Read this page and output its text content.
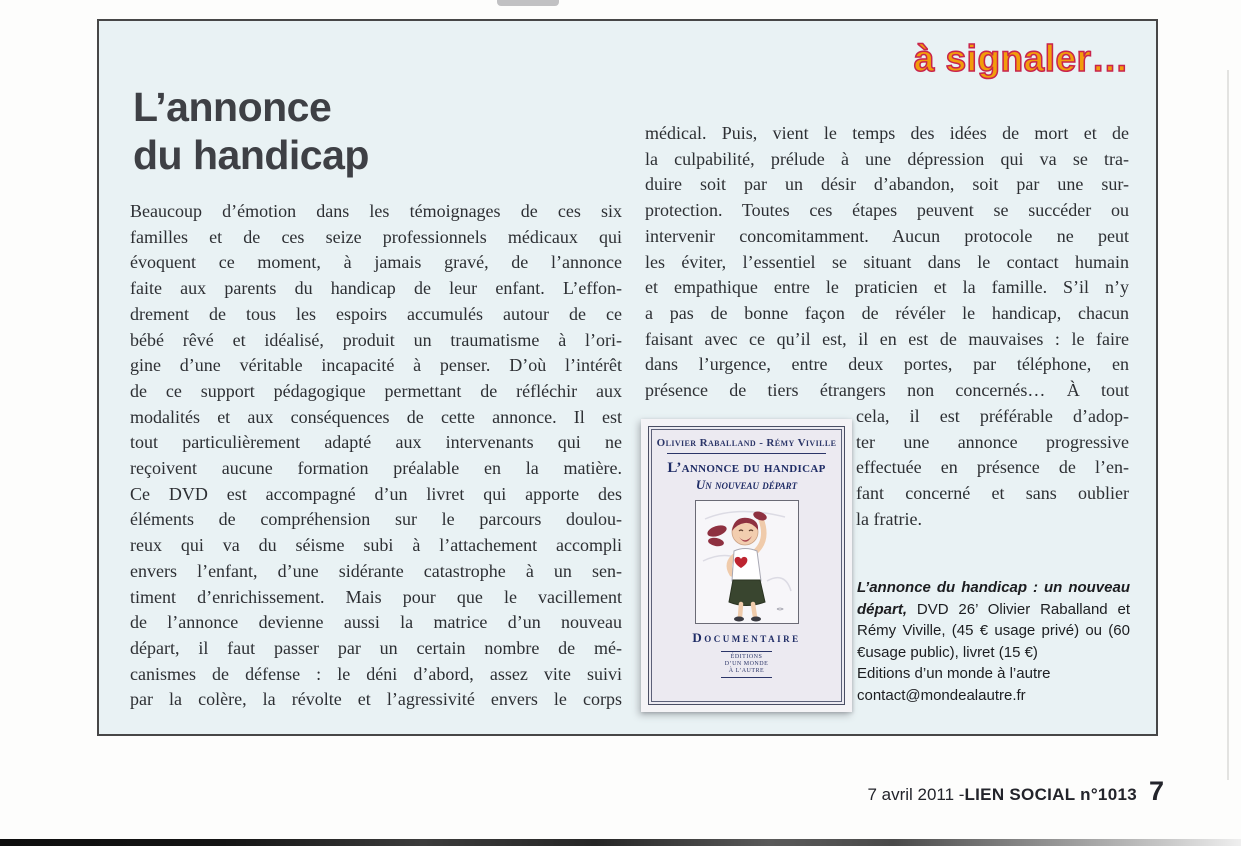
à signaler…
L’annonce
du handicap
Beaucoup d’émotion dans les témoignages de ces six
familles et de ces seize professionnels médicaux qui
évoquent ce moment, à jamais gravé, de l’annonce
faite aux parents du handicap de leur enfant. L’effon-
drement de tous les espoirs accumulés autour de ce
bébé rêvé et idéalisé, produit un traumatisme à l’ori-
gine d’une véritable incapacité à penser. D’où l’intérêt
de ce support pédagogique permettant de réfléchir aux
modalités et aux conséquences de cette annonce. Il est
tout particulièrement adapté aux intervenants qui ne
reçoivent aucune formation préalable en la matière.
Ce DVD est accompagné d’un livret qui apporte des
éléments de compréhension sur le parcours doulou-
reux qui va du séisme subi à l’attachement accompli
envers l’enfant, d’une sidérante catastrophe à un sen-
timent d’enrichissement. Mais pour que le vacillement
de l’annonce devienne aussi la matrice d’un nouveau
départ, il faut passer par un certain nombre de mé-
canismes de défense : le déni d’abord, assez vite suivi
par la colère, la révolte et l’agressivité envers le corps
médical. Puis, vient le temps des idées de mort et de
la culpabilité, prélude à une dépression qui va se tra-
duire soit par un désir d’abandon, soit par une sur-
protection. Toutes ces étapes peuvent se succéder ou
intervenir concomitamment. Aucun protocole ne peut
les éviter, l’essentiel se situant dans le contact humain
et empathique entre le praticien et la famille. S’il n’y
a pas de bonne façon de révéler le handicap, chacun
faisant avec ce qu’il est, il en est de mauvaises : le faire
dans l’urgence, entre deux portes, par téléphone, en
présence de tiers étrangers non concernés… À tout
cela, il est préférable d’adop-
ter une annonce progressive
effectuée en présence de l’en-
fant concerné et sans oublier
la fratrie.
Olivier Raballand - Rémy Viville
L’annonce du handicap
Un nouveau départ
Documentaire
ÉDITIONS
D’UN MONDE
À L’AUTRE

L’annonce du handicap : un nouveau départ, DVD 26’ Olivier Raballand et Rémy Viville, (45 € usage privé) ou (60 €usage public), livret (15 €)

Editions d’un monde à l’autre
contact@mondealautre.fr
7 avril 2011 - LIEN SOCIAL n°1013 7
